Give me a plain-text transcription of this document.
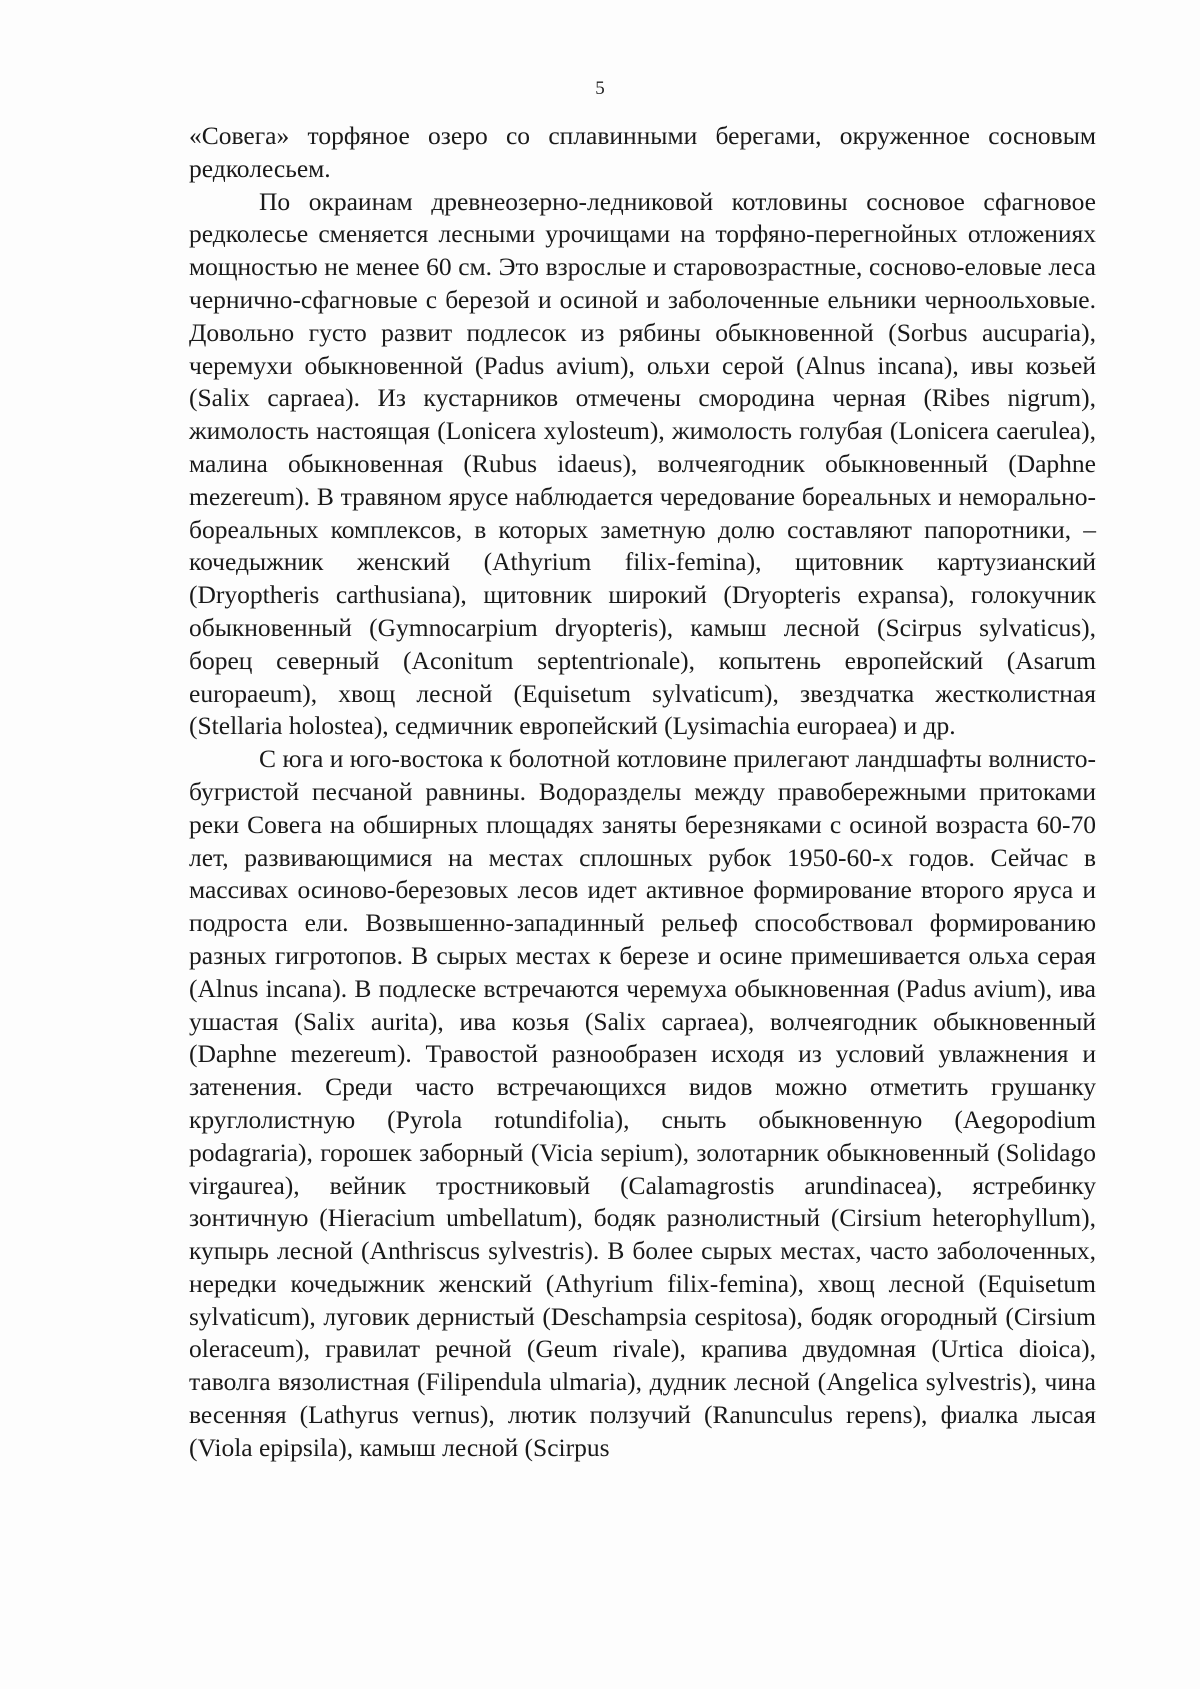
5

«Совега» торфяное озеро со сплавинными берегами, окруженное сосновым редколесьем.

По окраинам древнеозерно-ледниковой котловины сосновое сфагновое редколесье сменяется лесными урочищами на торфяно-перегнойных отложениях мощностью не менее 60 см. Это взрослые и старовозрастные, сосново-еловые леса чернично-сфагновые с березой и осиной и заболоченные ельники черноольховые. Довольно густо развит подлесок из рябины обыкновенной (Sorbus aucuparia), черемухи обыкновенной (Padus avium), ольхи серой (Alnus incana), ивы козьей (Salix capraea). Из кустарников отмечены смородина черная (Ribes nigrum), жимолость настоящая (Lonicera xylosteum), жимолость голубая (Lonicera caerulea), малина обыкновенная (Rubus idaeus), волчеягодник обыкновенный (Daphne mezereum). В травяном ярусе наблюдается чередование бореальных и неморально-бореальных комплексов, в которых заметную долю составляют папоротники, – кочедыжник женский (Athyrium filix-femina), щитовник картузианский (Dryoptheris carthusiana), щитовник широкий (Dryopteris expansa), голокучник обыкновенный (Gymnocarpium dryopteris), камыш лесной (Scirpus sylvaticus), борец северный (Aconitum septentrionale), копытень европейский (Asarum europaeum), хвощ лесной (Equisetum sylvaticum), звездчатка жестколистная (Stellaria holostea), седмичник европейский (Lysimachia europaea) и др.

С юга и юго-востока к болотной котловине прилегают ландшафты волнисто-бугристой песчаной равнины. Водоразделы между правобережными притоками реки Совега на обширных площадях заняты березняками с осиной возраста 60-70 лет, развивающимися на местах сплошных рубок 1950-60-х годов. Сейчас в массивах осиново-березовых лесов идет активное формирование второго яруса и подроста ели. Возвышенно-западинный рельеф способствовал формированию разных гигротопов. В сырых местах к березе и осине примешивается ольха серая (Alnus incana). В подлеске встречаются черемуха обыкновенная (Padus avium), ива ушастая (Salix aurita), ива козья (Salix capraea), волчеягодник обыкновенный (Daphne mezereum). Травостой разнообразен исходя из условий увлажнения и затенения. Среди часто встречающихся видов можно отметить грушанку круглолистную (Pyrola rotundifolia), сныть обыкновенную (Aegopodium podagraria), горошек заборный (Vicia sepium), золотарник обыкновенный (Solidago virgaurea), вейник тростниковый (Calamagrostis arundinacea), ястребинку зонтичную (Hieracium umbellatum), бодяк разнолистный (Cirsium heterophyllum), купырь лесной (Anthriscus sylvestris). В более сырых местах, часто заболоченных, нередки кочедыжник женский (Athyrium filix-femina), хвощ лесной (Equisetum sylvaticum), луговик дернистый (Deschampsia cespitosa), бодяк огородный (Cirsium oleraceum), гравилат речной (Geum rivale), крапива двудомная (Urtica dioica), таволга вязолистная (Filipendula ulmaria), дудник лесной (Angelica sylvestris), чина весенняя (Lathyrus vernus), лютик ползучий (Ranunculus repens), фиалка лысая (Viola epipsila), камыш лесной (Scirpus
